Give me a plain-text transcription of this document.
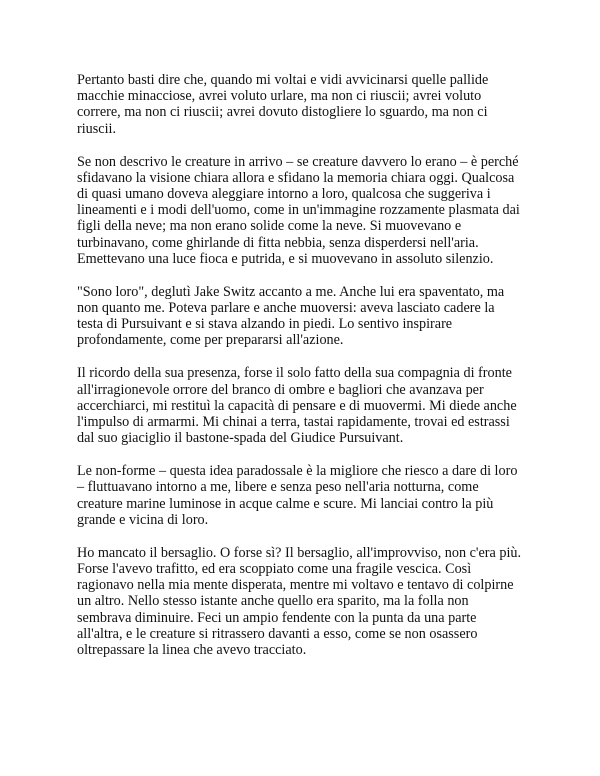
Pertanto basti dire che, quando mi voltai e vidi avvicinarsi quelle pallide macchie minacciose, avrei voluto urlare, ma non ci riuscii; avrei voluto correre, ma non ci riuscii; avrei dovuto distogliere lo sguardo, ma non ci riuscii.

Se non descrivo le creature in arrivo – se creature davvero lo erano – è perché sfidavano la visione chiara allora e sfidano la memoria chiara oggi. Qualcosa di quasi umano doveva aleggiare intorno a loro, qualcosa che suggeriva i lineamenti e i modi dell'uomo, come in un'immagine rozzamente plasmata dai figli della neve; ma non erano solide come la neve. Si muovevano e turbinavano, come ghirlande di fitta nebbia, senza disperdersi nell'aria. Emettevano una luce fioca e putrida, e si muovevano in assoluto silenzio.

"Sono loro", deglutì Jake Switz accanto a me. Anche lui era spaventato, ma non quanto me. Poteva parlare e anche muoversi: aveva lasciato cadere la testa di Pursuivant e si stava alzando in piedi. Lo sentivo inspirare profondamente, come per prepararsi all'azione.

Il ricordo della sua presenza, forse il solo fatto della sua compagnia di fronte all'irragionevole orrore del branco di ombre e bagliori che avanzava per accerchiarci, mi restituì la capacità di pensare e di muovermi. Mi diede anche l'impulso di armarmi. Mi chinai a terra, tastai rapidamente, trovai ed estrassi dal suo giaciglio il bastone-spada del Giudice Pursuivant.

Le non-forme – questa idea paradossale è la migliore che riesco a dare di loro – fluttuavano intorno a me, libere e senza peso nell'aria notturna, come creature marine luminose in acque calme e scure. Mi lanciai contro la più grande e vicina di loro.

Ho mancato il bersaglio. O forse sì? Il bersaglio, all'improvviso, non c'era più. Forse l'avevo trafitto, ed era scoppiato come una fragile vescica. Così ragionavo nella mia mente disperata, mentre mi voltavo e tentavo di colpirne un altro. Nello stesso istante anche quello era sparito, ma la folla non sembrava diminuire. Feci un ampio fendente con la punta da una parte all'altra, e le creature si ritrassero davanti a esso, come se non osassero oltrepassare la linea che avevo tracciato.
